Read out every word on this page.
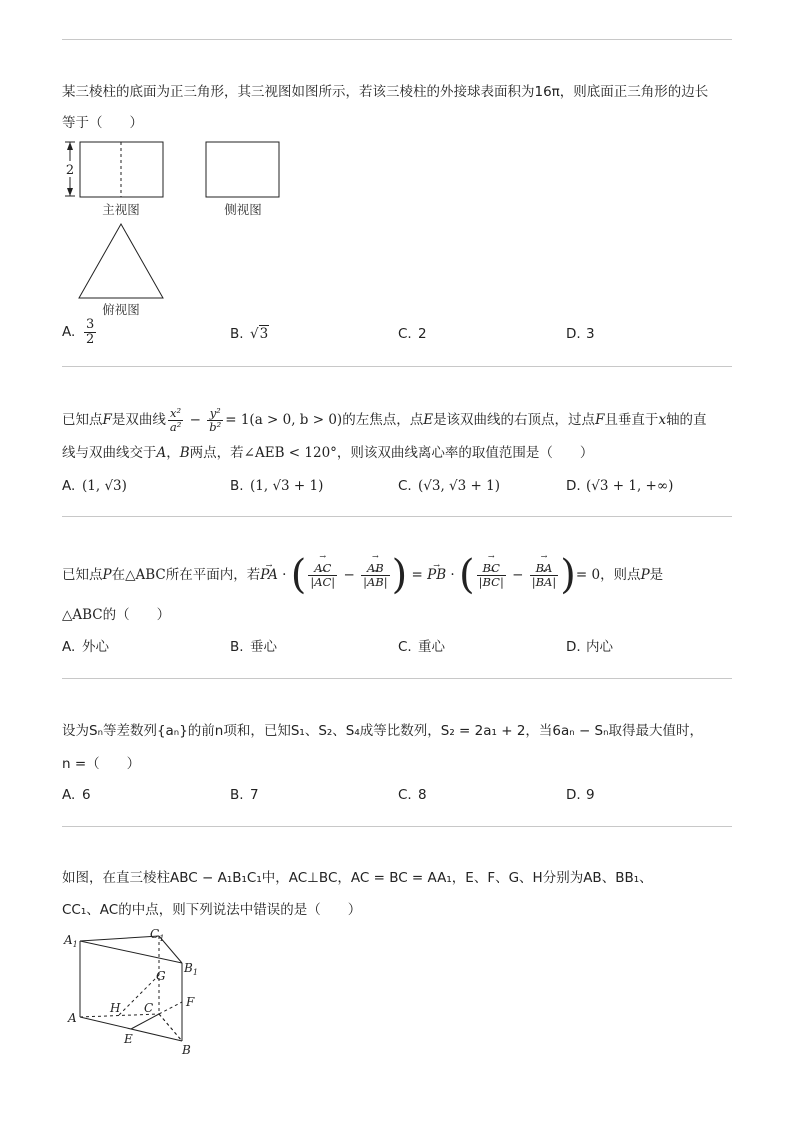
某三棱柱的底面为正三角形，其三视图如图所示，若该三棱柱的外接球表面积为16π，则底面正三角形的边长
等于（　　）
2
主视图	侧视图
俯视图
A. $\frac{3}{2}$	B. √3	C. 2	D. 3
已知点F是双曲线 $\frac{\text{x²}}{\text{a²}} - \frac{\text{y²}}{\text{b²}} = 1(a > 0$, b > 0)的左焦点，点E是该双曲线的右顶点，过点F且垂直于x轴的直
线与双曲线交于A，B两点，若∠AEB < 120°，则该双曲线离心率的取值范围是（　　）
A. (1, √3)	B. (1, √3 + 1)	C. (√3, √3 + 1)	D. (√3 + 1, +∞)
已知点P在△ABC所在平面内，若→ PA · ( → $\frac{AC}{|\to AC|}$ − → $\frac{AB}{|\to AB|}$ ) = → PB · ( → $\frac{BC}{|\to BC|}$ − → $\frac{BA}{|\to BA|}$ )= 0，则点P是
△ABC的（　　）
A. 外心	B. 垂心	C. 重心	D. 内心
设为Sₙ等差数列{aₙ}的前n项和，已知S₁、S₂、S₄成等比数列，S₂ = 2a₁ + 2，当6aₙ − Sₙ取得最大值时，
n =（　　）
A. 6	B. 7	C. 8	D. 9
如图，在直三棱柱ABC − A₁B₁C₁中，AC⊥BC，AC = BC = AA₁，E、F、G、H分别为AB、BB₁、
CC₁、AC的中点，则下列说法中错误的是（　　）
$A_1$
$C_1$
$B_1$
G
H C	F
A
E
B
